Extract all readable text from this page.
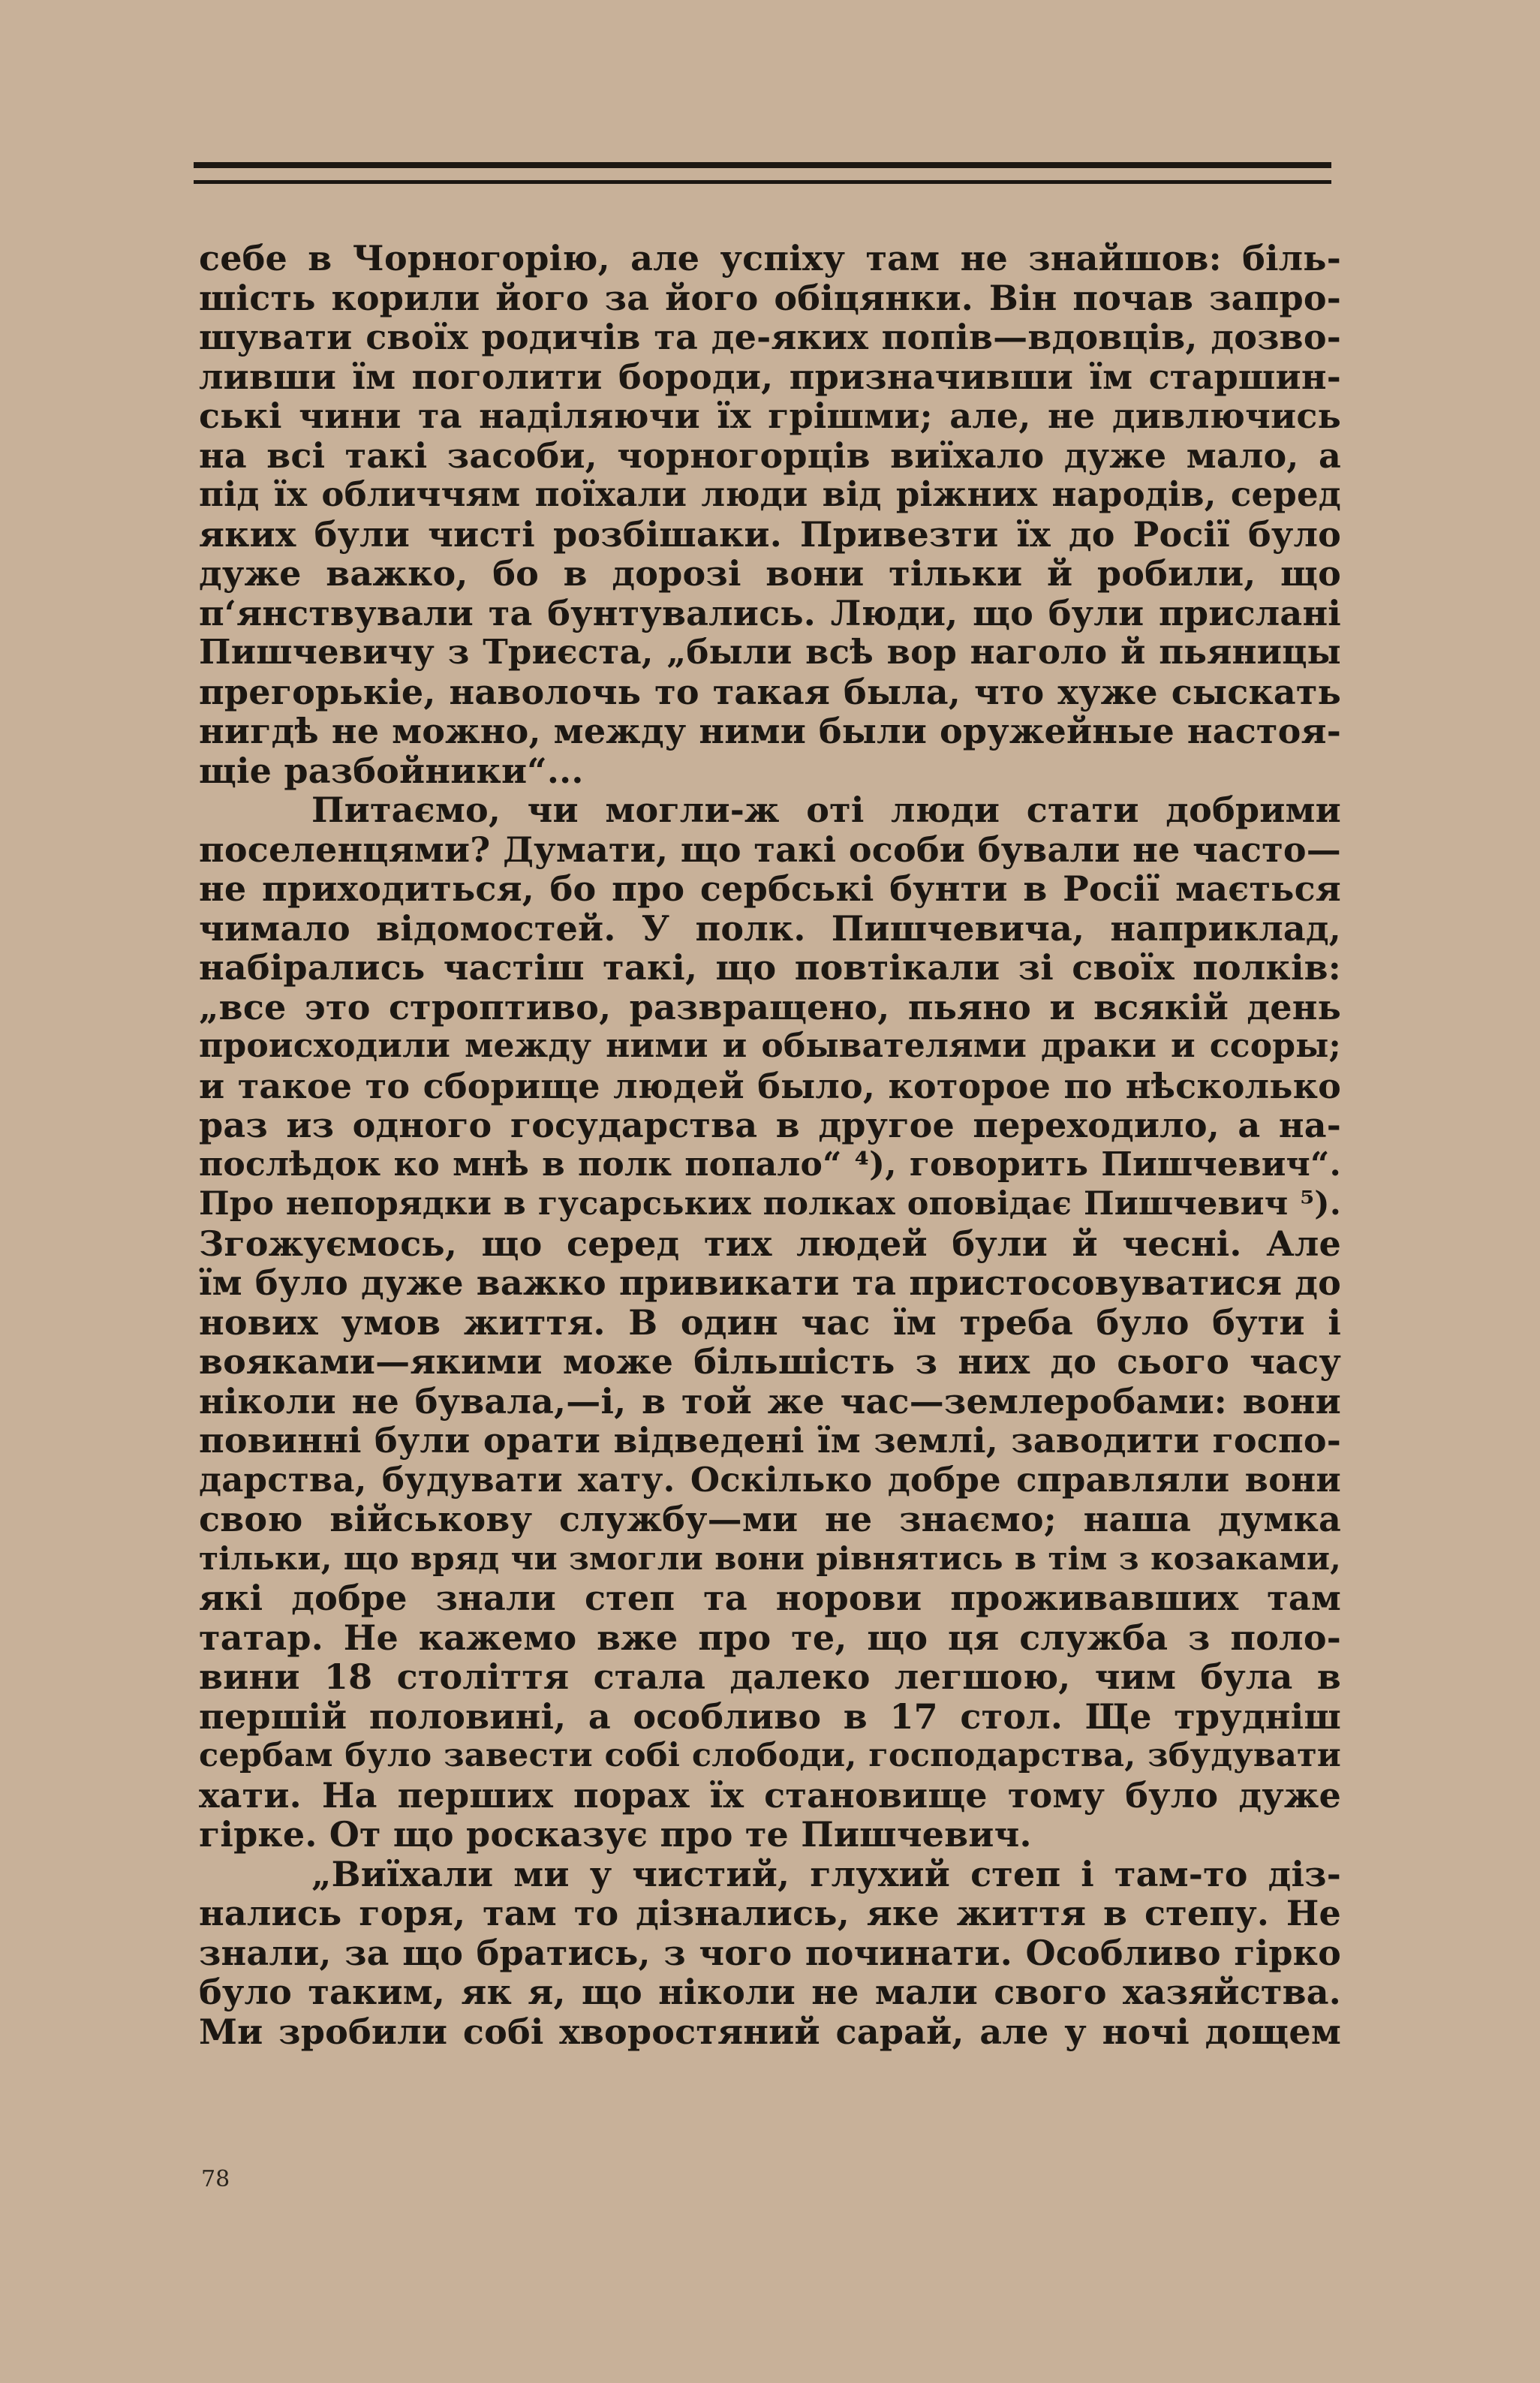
себе в Чорногорію, але успіху там не знайшов: біль-
шість корили його за його обіцянки. Він почав запро-
шувати своїх родичів та де-яких попів—вдовців, дозво-
ливши їм поголити бороди, призначивши їм старшин-
ські чини та наділяючи їх грішми; але, не дивлючись
на всі такі засоби, чорногорців виїхало дуже мало, а
під їх обличчям поїхали люди від ріжних народів, серед
яких були чисті розбішаки. Привезти їх до Росії було
дуже важко, бо в дорозі вони тільки й робили, що
п‘янствували та бунтувались. Люди, що були прислані
Пишчевичу з Триєста, „были всѣ вор наголо й пьяницы
прегорькіе, наволочь то такая была, что хуже сыскать
нигдѣ не можно, между ними были оружейные настоя-
щіе разбойники“...
Питаємо, чи могли-ж оті люди стати добрими
поселенцями? Думати, що такі особи бували не часто—
не приходиться, бо про сербські бунти в Росії мається
чимало відомостей. У полк. Пишчевича, наприклад,
набірались частіш такі, що повтікали зі своїх полків:
„все это строптиво, развращено, пьяно и всякій день
происходили между ними и обывателями драки и ссоры;
и такое то сборище людей было, которое по нѣсколько
раз из одного государства в другое переходило, а на-
послѣдок ко мнѣ в полк попало“ ⁴), говорить Пишчевич“.
Про непорядки в гусарських полках оповідає Пишчевич ⁵).
Згожуємось, що серед тих людей були й чесні. Але
їм було дуже важко привикати та пристосовуватися до
нових умов життя. В один час їм треба було бути і
вояками—якими може більшість з них до сього часу
ніколи не бувала,—і, в той же час—землеробами: вони
повинні були орати відведені їм землі, заводити госпо-
дарства, будувати хату. Оскілько добре справляли вони
свою військову службу—ми не знаємо; наша думка
тільки, що вряд чи змогли вони рівнятись в тім з козаками,
які добре знали степ та норови проживавших там
татар. Не кажемо вже про те, що ця служба з поло-
вини 18 століття стала далеко легшою, чим була в
першій половині, а особливо в 17 стол. Ще трудніш
сербам було завести собі слободи, господарства, збудувати
хати. На перших порах їх становище тому було дуже
гірке. От що росказує про те Пишчевич.
„Виїхали ми у чистий, глухий степ і там-то діз-
нались горя, там то дізнались, яке життя в степу. Не
знали, за що братись, з чого починати. Особливо гірко
було таким, як я, що ніколи не мали свого хазяйства.
Ми зробили собі хворостяний сарай, але у ночі дощем
78
